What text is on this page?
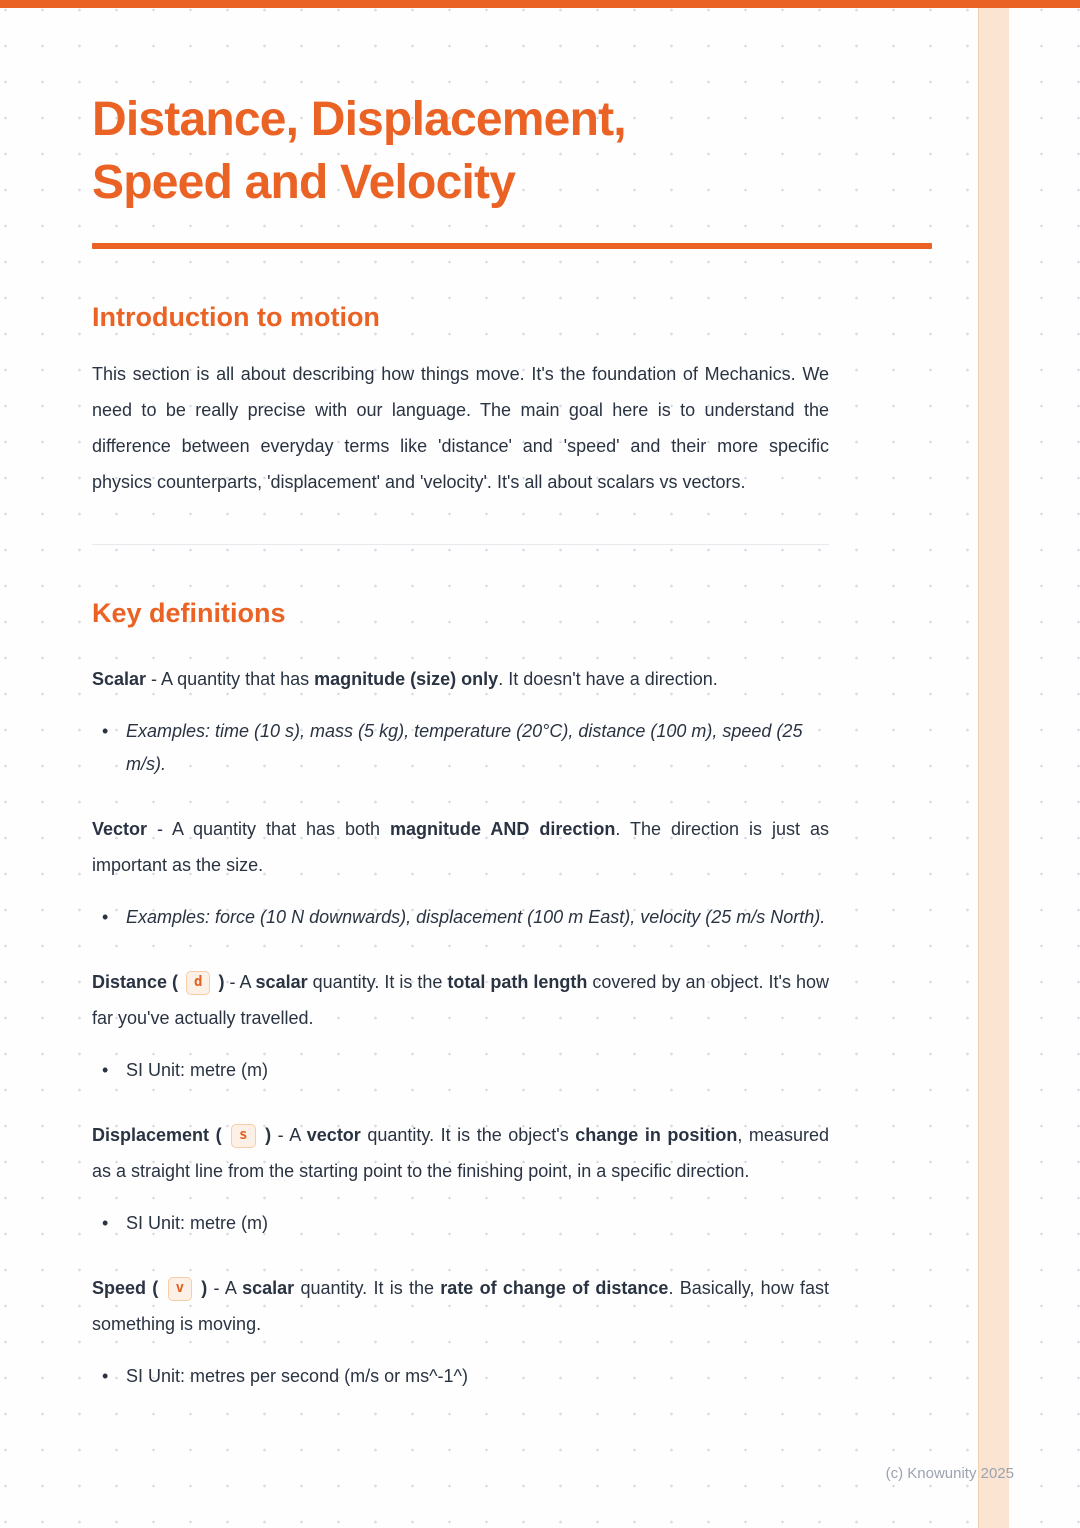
Distance, Displacement,
Speed and Velocity
Introduction to motion

This section is all about describing how things move. It's the foundation of Mechanics. We need to be really precise with our language. The main goal here is to understand the difference between everyday terms like 'distance' and 'speed' and their more specific physics counterparts, 'displacement' and 'velocity'. It's all about scalars vs vectors.

Key definitions

Scalar - A quantity that has magnitude (size) only. It doesn't have a direction.

• Examples: time (10 s), mass (5 kg), temperature (20°C), distance (100 m), speed (25 m/s).

Vector - A quantity that has both magnitude AND direction. The direction is just as important as the size.

• Examples: force (10 N downwards), displacement (100 m East), velocity (25 m/s North).

Distance ( d ) - A scalar quantity. It is the total path length covered by an object. It's how far you've actually travelled.

• SI Unit: metre (m)

Displacement ( s ) - A vector quantity. It is the object's change in position, measured as a straight line from the starting point to the finishing point, in a specific direction.

• SI Unit: metre (m)

Speed ( v ) - A scalar quantity. It is the rate of change of distance. Basically, how fast something is moving.

• SI Unit: metres per second (m/s or ms^-1^)
(c) Knowunity 2025
